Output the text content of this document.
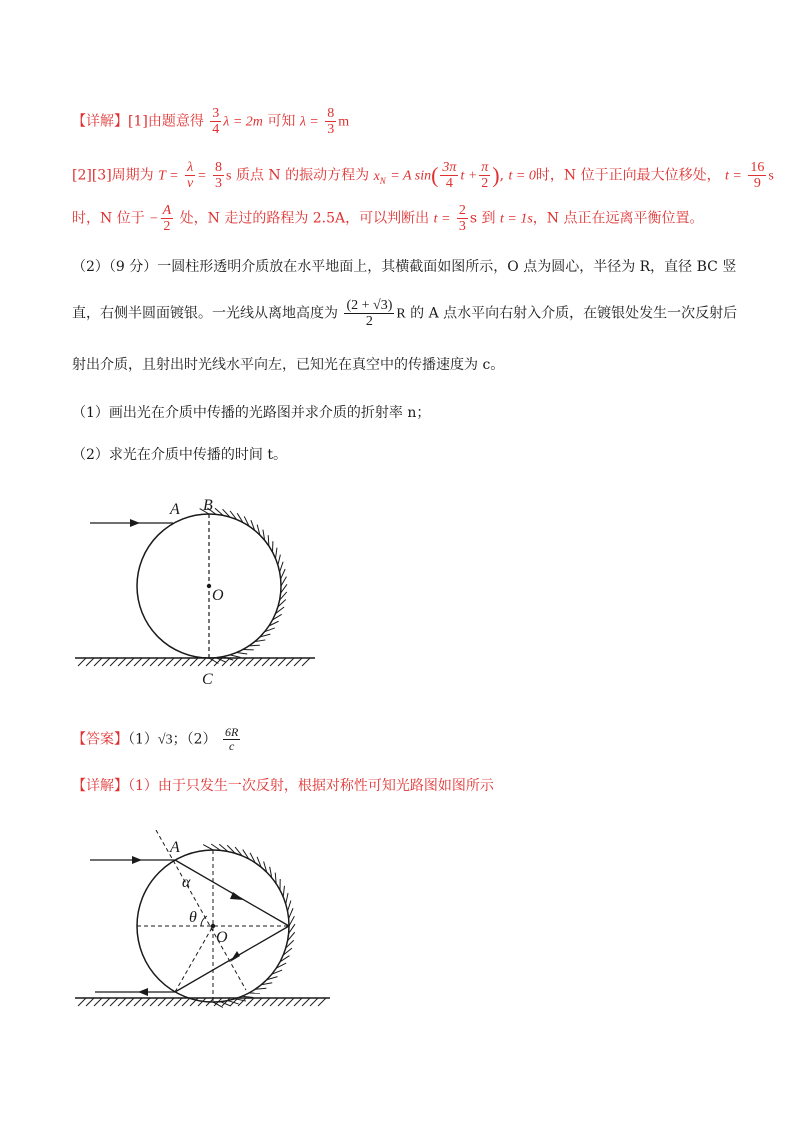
【详解】[1]由题意得 $\frac{3}{4}$ λ = 2m 可知 $\lambda = \frac{8}{3}$ m
[2][3]周期为 $T = \frac{\lambda}{v} = \frac{8}{3}$ s 质点 N 的振动方程为 $x_N = A$ $\sin( \frac{3\pi}{4}$ $t + \frac{\pi}{2}$ ), t = 0时，N 位于正向最大位移处， $t = \frac{16}{9}$ s
时，N 位于 − $\frac{A}{2}$ 处，N 走过的路程为 2.5A，可以判断出 $t = \frac{2}{3}$ s 到 t = 1s，N 点正在远离平衡位置。
（2）（9 分）一圆柱形透明介质放在水平地面上，其横截面如图所示，O 点为圆心，半径为 R，直径 BC 竖
直，右侧半圆面镀银。一光线从离地高度为 $\frac{(2 + √3)}{2}$ R 的 A 点水平向右射入介质，在镀银处发生一次反射后
射出介质，且射出时光线水平向左，已知光在真空中的传播速度为 c。
（1）画出光在介质中传播的光路图并求介质的折射率 n；
（2）求光在介质中传播的时间 t。
A B
O
C
【答案】（1）√3；$(2) \frac{6R}{c}$
【详解】（1）由于只发生一次反射，根据对称性可知光路图如图所示
A
α
θ
O
